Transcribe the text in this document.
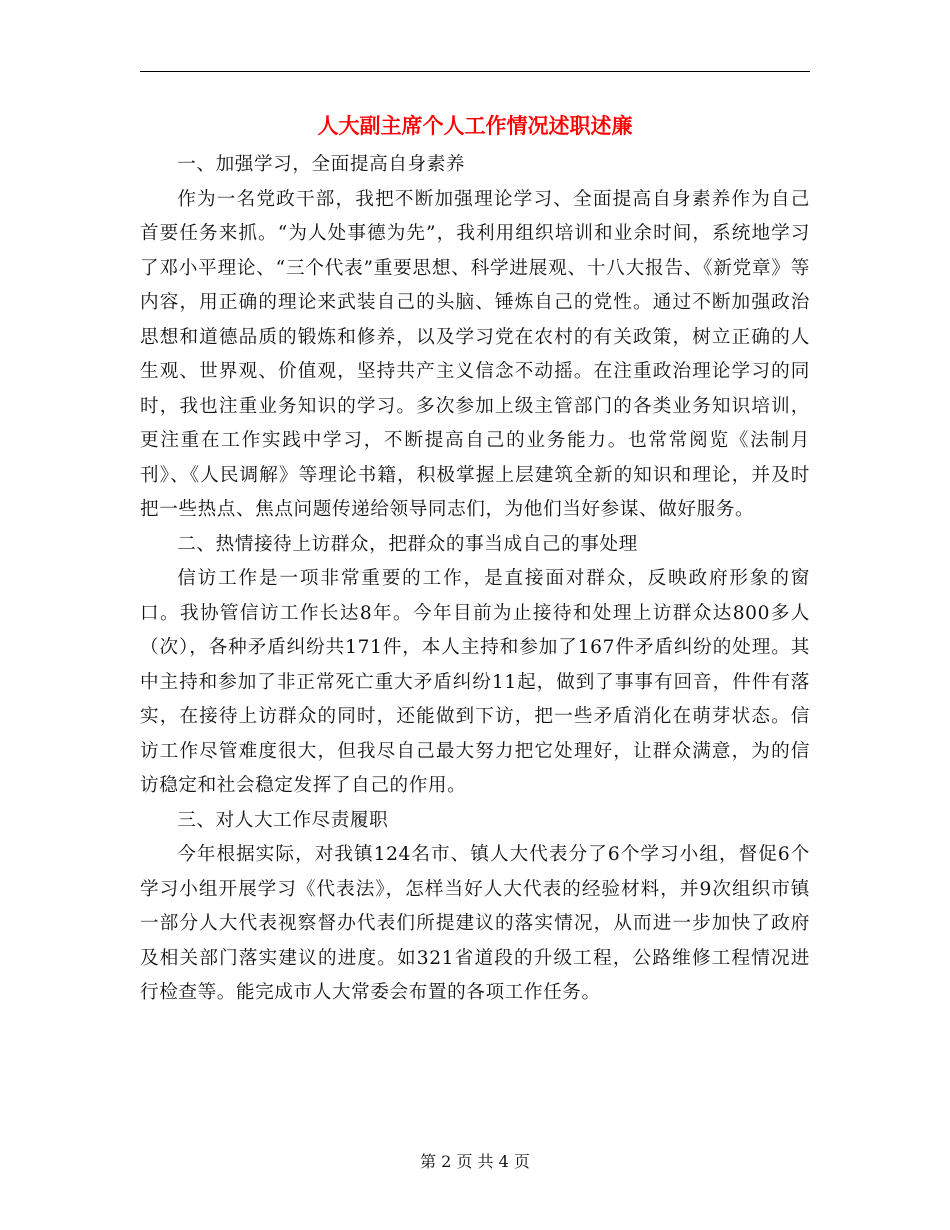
人大副主席个人工作情况述职述廉

一、加强学习，全面提高自身素养

作为一名党政干部，我把不断加强理论学习、全面提高自身素养作为自己首要任务来抓。“为人处事德为先”，我利用组织培训和业余时间，系统地学习了邓小平理论、“三个代表”重要思想、科学进展观、十八大报告、《新党章》等内容，用正确的理论来武装自己的头脑、锤炼自己的党性。通过不断加强政治思想和道德品质的锻炼和修养，以及学习党在农村的有关政策，树立正确的人生观、世界观、价值观，坚持共产主义信念不动摇。在注重政治理论学习的同时，我也注重业务知识的学习。多次参加上级主管部门的各类业务知识培训，更注重在工作实践中学习，不断提高自己的业务能力。也常常阅览《法制月刊》、《人民调解》等理论书籍，积极掌握上层建筑全新的知识和理论，并及时把一些热点、焦点问题传递给领导同志们，为他们当好参谋、做好服务。

二、热情接待上访群众，把群众的事当成自己的事处理

信访工作是一项非常重要的工作，是直接面对群众，反映政府形象的窗口。我协管信访工作长达8年。今年目前为止接待和处理上访群众达800多人（次），各种矛盾纠纷共171件，本人主持和参加了167件矛盾纠纷的处理。其中主持和参加了非正常死亡重大矛盾纠纷11起，做到了事事有回音，件件有落实，在接待上访群众的同时，还能做到下访，把一些矛盾消化在萌芽状态。信访工作尽管难度很大，但我尽自己最大努力把它处理好，让群众满意，为的信访稳定和社会稳定发挥了自己的作用。

三、对人大工作尽责履职

今年根据实际，对我镇124名市、镇人大代表分了6个学习小组，督促6个学习小组开展学习《代表法》，怎样当好人大代表的经验材料，并9次组织市镇一部分人大代表视察督办代表们所提建议的落实情况，从而进一步加快了政府及相关部门落实建议的进度。如321省道段的升级工程，公路维修工程情况进行检查等。能完成市人大常委会布置的各项工作任务。

第 2 页 共 4 页
